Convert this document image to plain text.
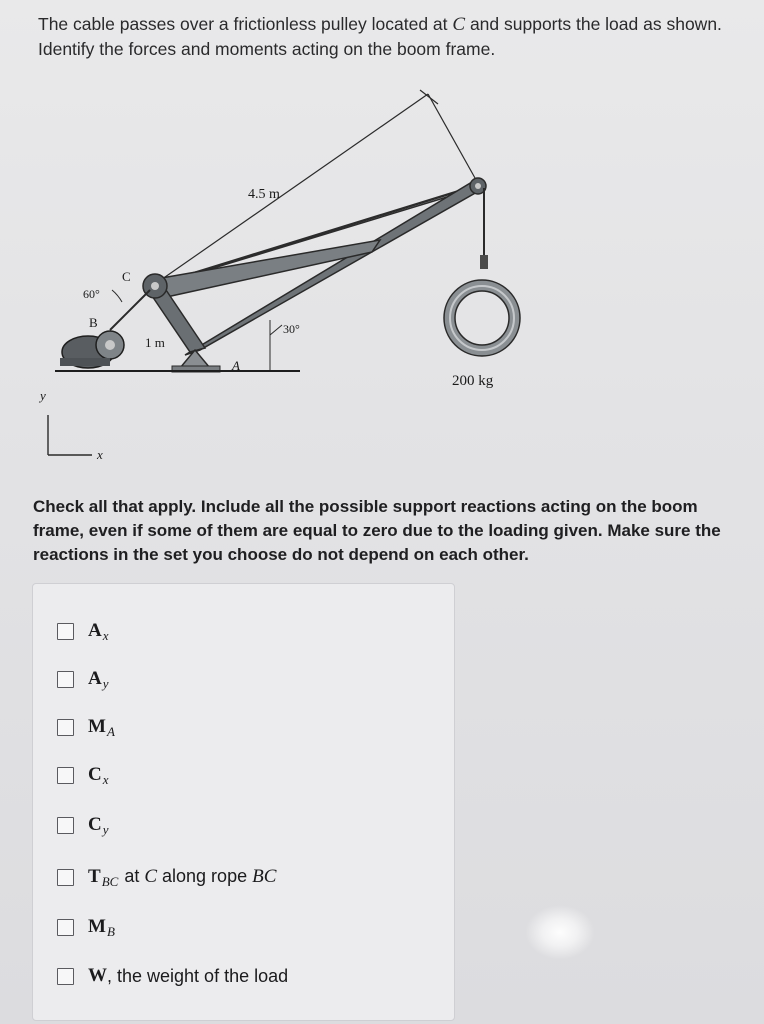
The cable passes over a frictionless pulley located at C and supports the load as shown. Identify the forces and moments acting on the boom frame.
4.5 m
200 kg
C
60°
B
1 m
30°
A
y
x
Check all that apply. Include all the possible support reactions acting on the boom frame, even if some of them are equal to zero due to the loading given. Make sure the reactions in the set you choose do not depend on each other.
A x
A y
M A
C x
C y
T BC at C along rope BC
M B
W , the weight of the load
